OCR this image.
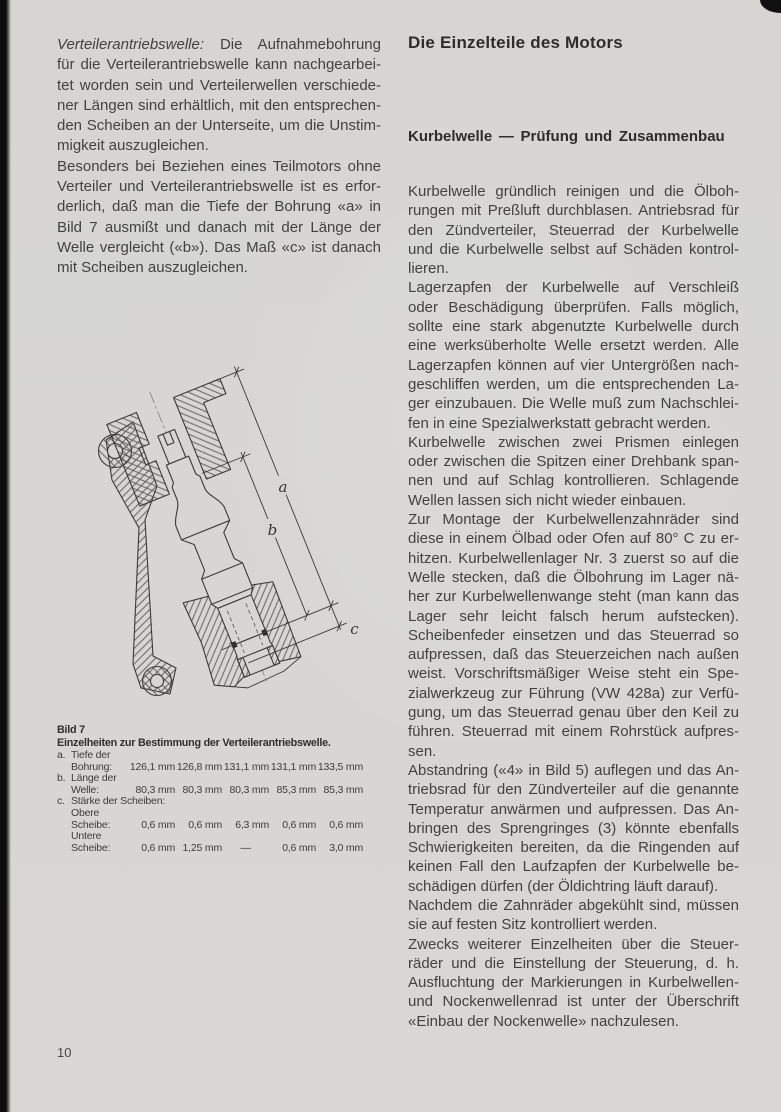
Verteilerantriebswelle: Die Aufnahmebohrung
für die Verteilerantriebswelle kann nachgearbei-
tet worden sein und Verteilerwellen verschiede-
ner Längen sind erhältlich, mit den entsprechen-
den Scheiben an der Unterseite, um die Unstim-
migkeit auszugleichen.
Besonders bei Beziehen eines Teilmotors ohne
Verteiler und Verteilerantriebswelle ist es erfor-
derlich, daß man die Tiefe der Bohrung «a» in
Bild 7 ausmißt und danach mit der Länge der
Welle vergleicht («b»). Das Maß «c» ist danach
mit Scheiben auszugleichen.
a
b
c
Bild 7
Einzelheiten zur Bestimmung der Verteilerantriebswelle.
a. Tiefe der
Bohrung:	126,1 mm 126,8 mm 131,1 mm 131,1 mm 133,5 mm
b. Länge der
Welle:	80,3 mm 80,3 mm 80,3 mm 85,3 mm 85,3 mm
c. Stärke der Scheiben:
Obere
Scheibe:	0,6 mm	0,6 mm	6,3 mm	0,6 mm	0,6 mm
Untere
Scheibe:	0,6 mm 1,25 mm	—	0,6 mm	3,0 mm
Die Einzelteile des Motors
Kurbelwelle — Prüfung und Zusammenbau
Kurbelwelle gründlich reinigen und die Ölboh-
rungen mit Preßluft durchblasen. Antriebsrad für
den Zündverteiler, Steuerrad der Kurbelwelle
und die Kurbelwelle selbst auf Schäden kontrol-
lieren.
Lagerzapfen der Kurbelwelle auf Verschleiß
oder Beschädigung überprüfen. Falls möglich,
sollte eine stark abgenutzte Kurbelwelle durch
eine werksüberholte Welle ersetzt werden. Alle
Lagerzapfen können auf vier Untergrößen nach-
geschliffen werden, um die entsprechenden La-
ger einzubauen. Die Welle muß zum Nachschlei-
fen in eine Spezialwerkstatt gebracht werden.
Kurbelwelle zwischen zwei Prismen einlegen
oder zwischen die Spitzen einer Drehbank span-
nen und auf Schlag kontrollieren. Schlagende
Wellen lassen sich nicht wieder einbauen.
Zur Montage der Kurbelwellenzahnräder sind
diese in einem Ölbad oder Ofen auf 80° C zu er-
hitzen. Kurbelwellenlager Nr. 3 zuerst so auf die
Welle stecken, daß die Ölbohrung im Lager nä-
her zur Kurbelwellenwange steht (man kann das
Lager sehr leicht falsch herum aufstecken).
Scheibenfeder einsetzen und das Steuerrad so
aufpressen, daß das Steuerzeichen nach außen
weist. Vorschriftsmäßiger Weise steht ein Spe-
zialwerkzeug zur Führung (VW 428a) zur Verfü-
gung, um das Steuerrad genau über den Keil zu
führen. Steuerrad mit einem Rohrstück aufpres-
sen.
Abstandring («4» in Bild 5) auflegen und das An-
triebsrad für den Zündverteiler auf die genannte
Temperatur anwärmen und aufpressen. Das An-
bringen des Sprengringes (3) könnte ebenfalls
Schwierigkeiten bereiten, da die Ringenden auf
keinen Fall den Laufzapfen der Kurbelwelle be-
schädigen dürfen (der Öldichtring läuft darauf).
Nachdem die Zahnräder abgekühlt sind, müssen
sie auf festen Sitz kontrolliert werden.
Zwecks weiterer Einzelheiten über die Steuer-
räder und die Einstellung der Steuerung, d. h.
Ausfluchtung der Markierungen in Kurbelwellen-
und Nockenwellenrad ist unter der Überschrift
«Einbau der Nockenwelle» nachzulesen.
10
